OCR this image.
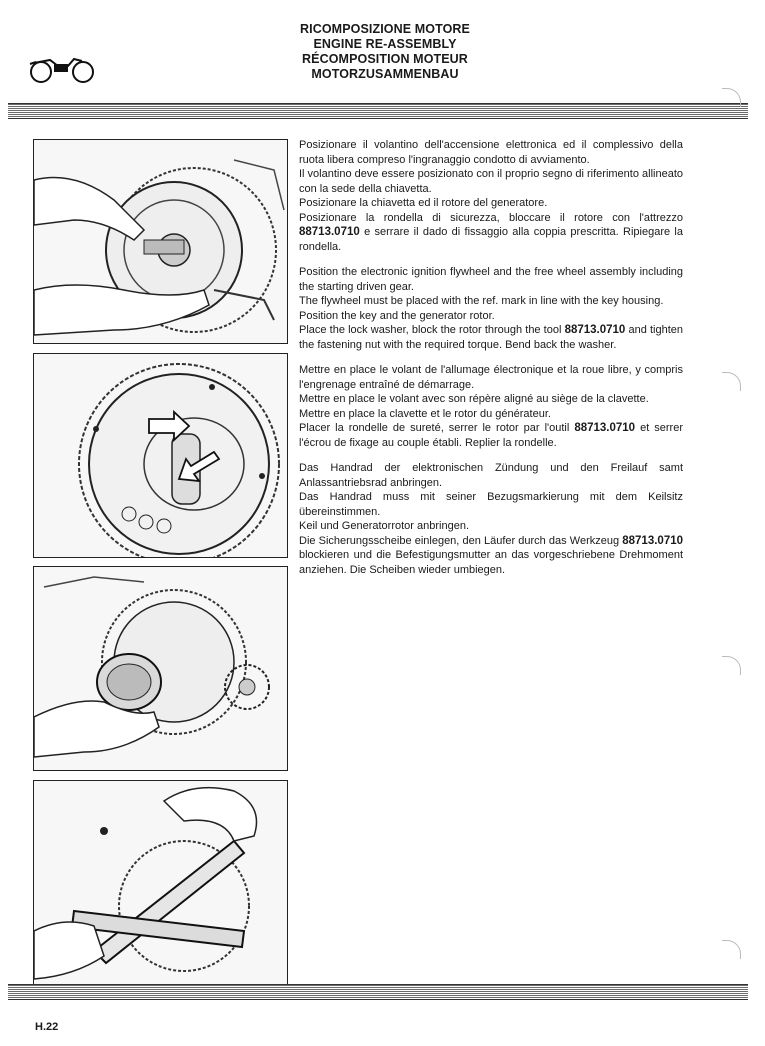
RICOMPOSIZIONE MOTORE
ENGINE RE-ASSEMBLY
RÉCOMPOSITION MOTEUR
MOTORZUSAMMENBAU

Posizionare il volantino dell'accensione elettronica ed il complessivo della ruota libera compreso l'ingranaggio condotto di avviamento.
Il volantino deve essere posizionato con il proprio segno di riferimento allineato con la sede della chiavetta.
Posizionare la chiavetta ed il rotore del generatore.
Posizionare la rondella di sicurezza, bloccare il rotore con l'attrezzo 88713.0710 e serrare il dado di fissaggio alla coppia prescritta. Ripiegare la rondella.

Position the electronic ignition flywheel and the free wheel assembly including the starting driven gear.
The flywheel must be placed with the ref. mark in line with the key housing.
Position the key and the generator rotor.
Place the lock washer, block the rotor through the tool 88713.0710 and tighten the fastening nut with the required torque. Bend back the washer.

Mettre en place le volant de l'allumage électronique et la roue libre, y compris l'engrenage entraîné de démarrage.
Mettre en place le volant avec son répère aligné au siège de la clavette.
Mettre en place la clavette et le rotor du générateur.
Placer la rondelle de sureté, serrer le rotor par l'outil 88713.0710 et serrer l'écrou de fixage au couple établi. Replier la rondelle.

Das Handrad der elektronischen Zündung und den Freilauf samt Anlassantriebsrad anbringen.
Das Handrad muss mit seiner Bezugsmarkierung mit dem Keilsitz übereinstimmen.
Keil und Generatorrotor anbringen.
Die Sicherungsscheibe einlegen, den Läufer durch das Werkzeug 88713.0710 blockieren und die Befestigungsmutter an das vorgeschriebene Drehmoment anziehen. Die Scheiben wieder umbiegen.

H.22
